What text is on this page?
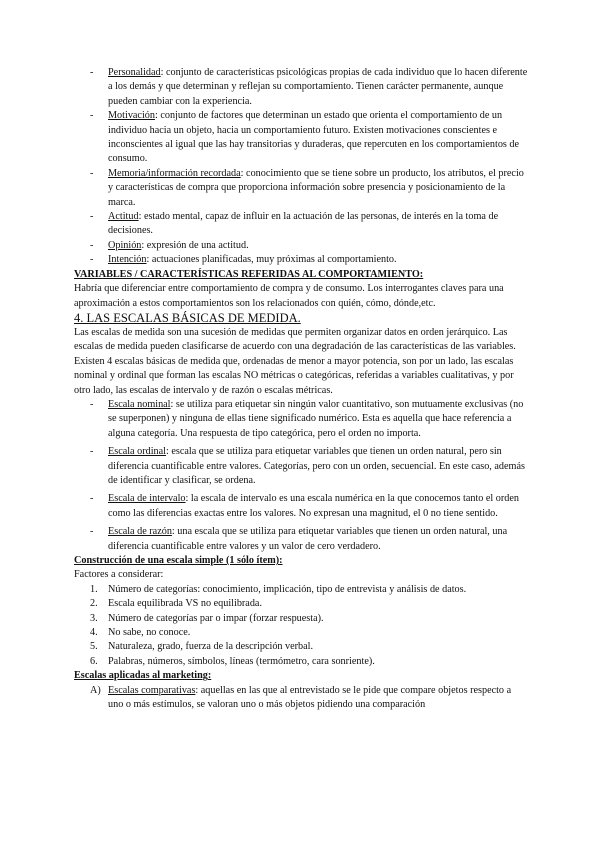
- Personalidad: conjunto de características psicológicas propias de cada individuo que lo hacen diferente a los demás y que determinan y reflejan su comportamiento. Tienen carácter permanente, aunque pueden cambiar con la experiencia.
- Motivación: conjunto de factores que determinan un estado que orienta el comportamiento de un individuo hacia un objeto, hacia un comportamiento futuro. Existen motivaciones conscientes e inconscientes al igual que las hay transitorias y duraderas, que repercuten en los comportamientos de consumo.
- Memoria/información recordada: conocimiento que se tiene sobre un producto, los atributos, el precio y características de compra que proporciona información sobre presencia y posicionamiento de la marca.
- Actitud: estado mental, capaz de influir en la actuación de las personas, de interés en la toma de decisiones.
- Opinión: expresión de una actitud.
- Intención: actuaciones planificadas, muy próximas al comportamiento.

VARIABLES / CARACTERÍSTICAS REFERIDAS AL COMPORTAMIENTO:

Habría que diferenciar entre comportamiento de compra y de consumo. Los interrogantes claves para una aproximación a estos comportamientos son los relacionados con quién, cómo, dónde,etc.

4. LAS ESCALAS BÁSICAS DE MEDIDA.

Las escalas de medida son una sucesión de medidas que permiten organizar datos en orden jerárquico. Las escalas de medida pueden clasificarse de acuerdo con una degradación de las características de las variables.

Existen 4 escalas básicas de medida que, ordenadas de menor a mayor potencia, son por un lado, las escalas nominal y ordinal que forman las escalas NO métricas o categóricas, referidas a variables cualitativas, y por otro lado, las escalas de intervalo y de razón o escalas métricas.

- Escala nominal: se utiliza para etiquetar sin ningún valor cuantitativo, son mutuamente exclusivas (no se superponen) y ninguna de ellas tiene significado numérico. Esta es aquella que hace referencia a alguna categoría. Una respuesta de tipo categórica, pero el orden no importa.
- Escala ordinal: escala que se utiliza para etiquetar variables que tienen un orden natural, pero sin diferencia cuantificable entre valores. Categorías, pero con un orden, secuencial. En este caso, además de identificar y clasificar, se ordena.
- Escala de intervalo: la escala de intervalo es una escala numérica en la que conocemos tanto el orden como las diferencias exactas entre los valores. No expresan una magnitud, el 0 no tiene sentido.
- Escala de razón: una escala que se utiliza para etiquetar variables que tienen un orden natural, una diferencia cuantificable entre valores y un valor de cero verdadero.

Construcción de una escala simple (1 sólo ítem):

Factores a considerar:

1. Número de categorías: conocimiento, implicación, tipo de entrevista y análisis de datos.
2. Escala equilibrada VS no equilibrada.
3. Número de categorías par o impar (forzar respuesta).
4. No sabe, no conoce.
5. Naturaleza, grado, fuerza de la descripción verbal.
6. Palabras, números, símbolos, líneas (termómetro, cara sonriente).

Escalas aplicadas al marketing:

A) Escalas comparativas: aquellas en las que al entrevistado se le pide que compare objetos respecto a uno o más estímulos, se valoran uno o más objetos pidiendo una comparación
